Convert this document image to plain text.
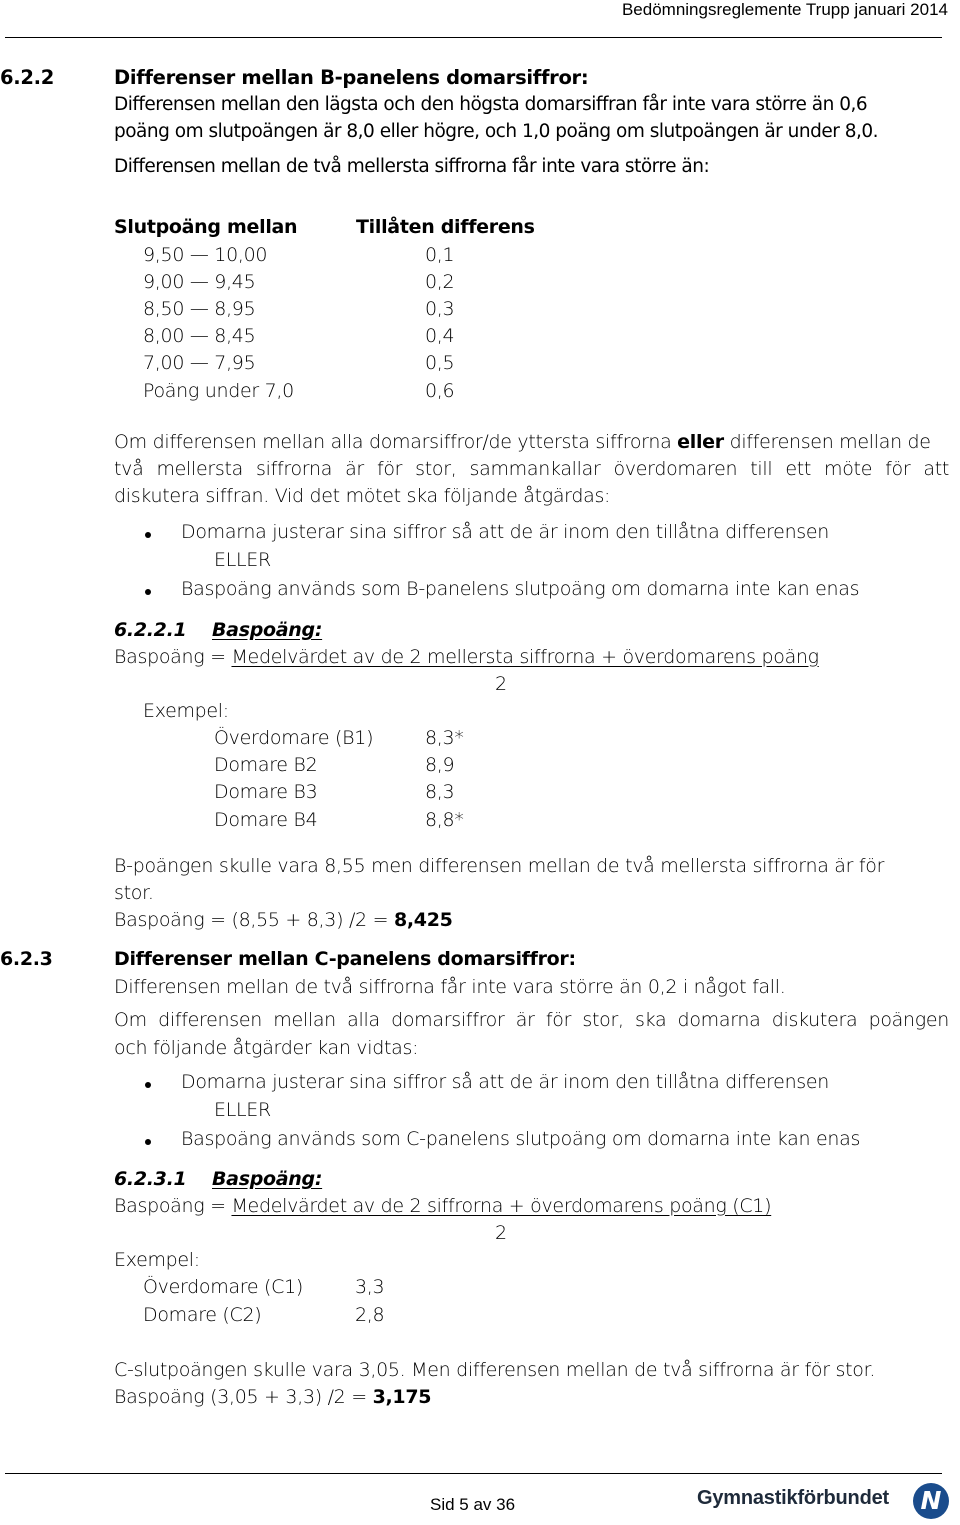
Bedömningsreglemente Trupp januari 2014
6.2.2	Differenser mellan B-panelens domarsiffror:
Differensen mellan den lägsta och den högsta domarsiffran får inte vara större än 0,6
poäng om slutpoängen är 8,0 eller högre, och 1,0 poäng om slutpoängen är under 8,0.
Differensen mellan de två mellersta siffrorna får inte vara större än:
Slutpoäng mellan	Tillåten differens
9,50 — 10,00	0,1
9,00 — 9,45	0,2
8,50 — 8,95	0,3
8,00 — 8,45	0,4
7,00 — 7,95	0,5
Poäng under 7,0	0,6
Om differensen mellan alla domarsiffror/de yttersta siffrorna eller differensen mellan de
två mellersta siffrorna är för stor, sammankallar överdomaren till ett möte för att
diskutera siffran. Vid det mötet ska följande åtgärdas:
Domarna justerar sina siffror så att de är inom den tillåtna differensen
ELLER
Baspoäng används som B-panelens slutpoäng om domarna inte kan enas
6.2.2.1 Baspoäng:
Baspoäng = Medelvärdet av de 2 mellersta siffrorna + överdomarens poäng
2
Exempel:
Överdomare (B1)	8,3*
Domare B2	8,9
Domare B3	8,3
Domare B4	8,8*
B-poängen skulle vara 8,55 men differensen mellan de två mellersta siffrorna är för
stor.
Baspoäng = (8,55 + 8,3) /2 = 8,425
6.2.3	Differenser mellan C-panelens domarsiffror:
Differensen mellan de två siffrorna får inte vara större än 0,2 i något fall.
Om differensen mellan alla domarsiffror är för stor, ska domarna diskutera poängen
och följande åtgärder kan vidtas:
Domarna justerar sina siffror så att de är inom den tillåtna differensen
ELLER
Baspoäng används som C-panelens slutpoäng om domarna inte kan enas
6.2.3.1 Baspoäng:
Baspoäng = Medelvärdet av de 2 siffrorna + överdomarens poäng (C1)
2
Exempel:
Överdomare (C1)	3,3
Domare (C2)	2,8
C-slutpoängen skulle vara 3,05. Men differensen mellan de två siffrorna är för stor.
Baspoäng (3,05 + 3,3) /2 = 3,175
Sid 5 av 36	Gymnastikförbundet	N
